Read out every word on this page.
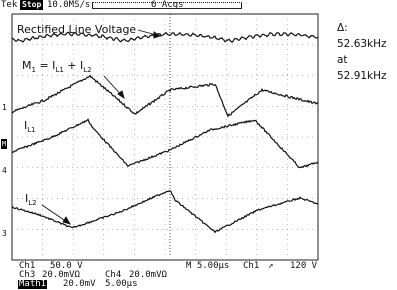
Tek Stop 10.0MS/s	6 Acqs
Rectified Line Voltage
$M_1 = I_{L1} + I_{L2}$
$I_{L1}$
$I_{L2}$
1
M
4
3
Δ: 52.63kHz
at 52.91kHz
Ch1 50.0 V
Ch3 20.0mVΩ	Ch4 20.0mVΩ
M 5.00µs Ch1 ↗ 120 V
Math1 20.0mV 5.00µs
